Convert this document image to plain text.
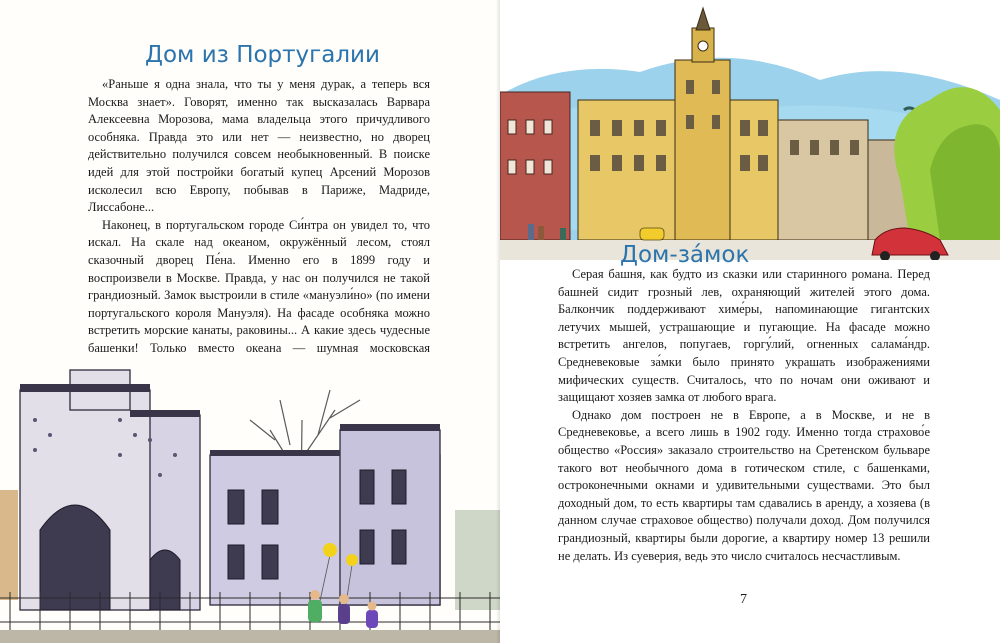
Дом из Португалии

«Раньше я одна знала, что ты у меня дурак, а теперь вся Москва знает». Говорят, именно так высказалась Варвара Алексеевна Морозова, мама владельца этого причудливого особняка. Правда это или нет — неизвестно, но дворец действительно получился совсем необыкновенный. В поиске идей для этой постройки богатый купец Арсений Морозов исколесил всю Европу, побывав в Париже, Мадриде, Лиссабоне...

Наконец, в португальском городе Си́нтра он увидел то, что искал. На скале над океаном, окружённый лесом, стоял сказочный дворец Пе́на. Именно его в 1899 году и воспроизвели в Москве. Правда, у нас он получился не такой грандиозный. Замок выстроили в стиле «мануэли́но» (по имени португальского короля Мануэля). На фасаде особняка можно встретить морские канаты, раковины... А какие здесь чудесные башенки! Только вместо океана — шумная московская

Дом-за́мок

Серая башня, как будто из сказки или старинного романа. Перед башней сидит грозный лев, охраняющий жителей этого дома. Балкончик поддерживают химе́ры, напоминающие гигантских летучих мышей, устрашающие и пугающие. На фасаде можно встретить ангелов, попугаев, горгу́лий, огненных салама́ндр. Средневековые за́мки было принято украшать изображениями мифических существ. Считалось, что по ночам они оживают и защищают хозяев замка от любого врага.

Однако дом построен не в Европе, а в Москве, и не в Средневековье, а всего лишь в 1902 году. Именно тогда страхово́е общество «Россия» заказало строительство на Сретенском бульваре такого вот необычного дома в готическом стиле, с башенками, остроконечными окнами и удивительными существами. Это был доходный дом, то есть квартиры там сдавались в аренду, а хозяева (в данном случае страховое общество) получали доход. Дом получился грандиозный, квартиры были дорогие, а квартиру номер 13 решили не делать. Из суеверия, ведь это число считалось несчастливым.

7
